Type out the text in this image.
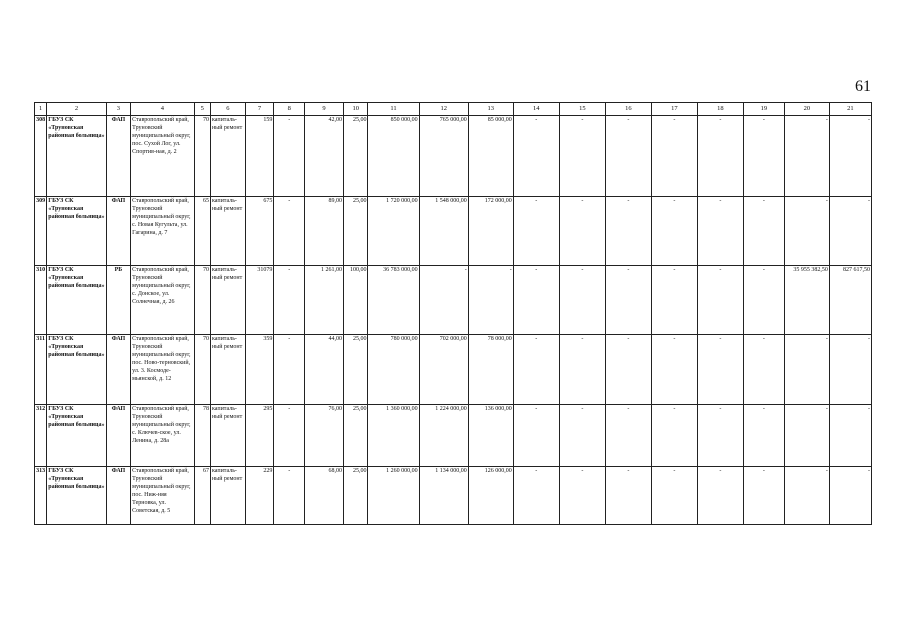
61
1	2	3	4	5	6	7	8	9	10	11	12	13	14	15	16	17	18	19	20	21
308	ГБУЗ СК «Труновская районная больница»	ФАП	Ставропольский край, Труновский муниципальный округ, пос. Сухой Лог, ул. Спортив-ная, д. 2	70	капиталь-ный ремонт	159	-	42,00	25,00	850 000,00	765 000,00	85 000,00	-	-	-	-	-	-	-	-
309	ГБУЗ СК «Труновская районная больница»	ФАП	Ставропольский край, Труновский муниципальный округ, с. Новая Кугульта, ул. Гагарина, д. 7	65	капиталь-ный ремонт	675	-	89,00	25,00	1 720 000,00	1 548 000,00	172 000,00	-	-	-	-	-	-	-	-
310	ГБУЗ СК «Труновская районная больница»	РБ	Ставропольский край, Труновский муниципальный округ, с. Донское, ул. Солнечная, д. 26	70	капиталь-ный ремонт	31079	-	1 261,00	100,00	36 783 000,00	-	-	-	-	-	-	-	-	35 955 382,50	827 617,50
311	ГБУЗ СК «Труновская районная больница»	ФАП	Ставропольский край, Труновский муниципальный округ, пос. Ново-терновский, ул. 3. Космоде-мьянской, д. 12	70	капиталь-ный ремонт	359	-	44,00	25,00	780 000,00	702 000,00	78 000,00	-	-	-	-	-	-	-	-
312	ГБУЗ СК «Труновская районная больница»	ФАП	Ставропольский край, Труновский муниципальный округ, с. Ключев-ское, ул. Ленина, д. 28а	78	капиталь-ный ремонт	295	-	76,00	25,00	1 360 000,00	1 224 000,00	136 000,00	-	-	-	-	-	-	-	-
313	ГБУЗ СК «Труновская районная больница»	ФАП	Ставропольский край, Труновский муниципальный округ, пос. Ниж-няя Терновка, ул. Советская, д. 5	67	капиталь-ный ремонт	229	-	68,00	25,00	1 260 000,00	1 134 000,00	126 000,00	-	-	-	-	-	-	-	-
